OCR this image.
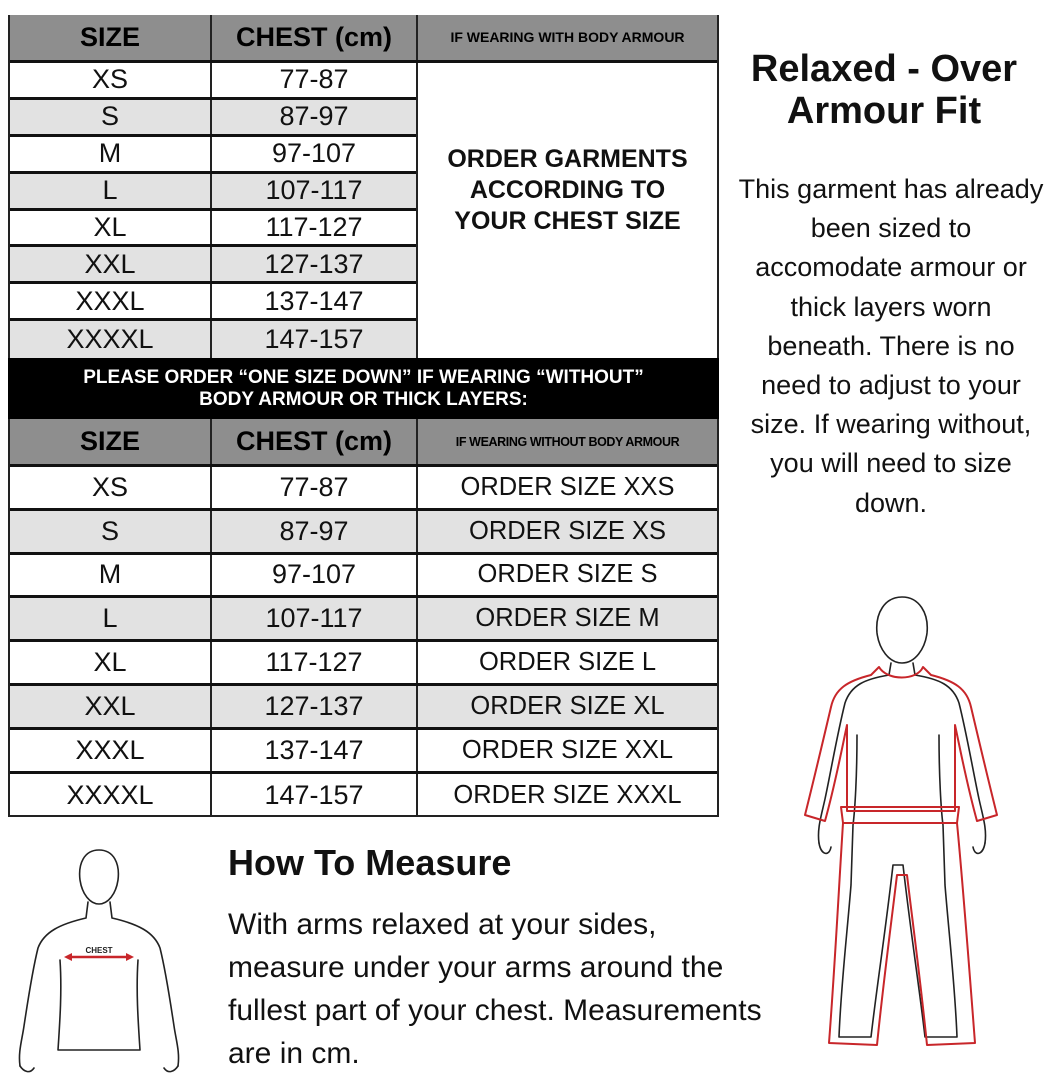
SIZE	CHEST (cm)	IF WEARING WITH BODY ARMOUR
XS	77-87
S	87-97
M	97-107
L	107-117
XL	117-127
XXL	127-137
XXXL	137-147
XXXXL	147-157
ORDER GARMENTS ACCORDING TO YOUR CHEST SIZE
PLEASE ORDER “ONE SIZE DOWN” IF WEARING “WITHOUT”
BODY ARMOUR OR THICK LAYERS:
SIZE	CHEST (cm)	IF WEARING WITHOUT BODY ARMOUR
XS	77-87	ORDER SIZE XXS
S	87-97	ORDER SIZE XS
M	97-107	ORDER SIZE S
L	107-117	ORDER SIZE M
XL	117-127	ORDER SIZE L
XXL	127-137	ORDER SIZE XL
XXXL	137-147	ORDER SIZE XXL
XXXXL	147-157	ORDER SIZE XXXL
Relaxed - Over Armour Fit
This garment has already been sized to accomodate armour or thick layers worn beneath. There is no need to adjust to your size. If wearing without, you will need to size down.
How To Measure
With arms relaxed at your sides, measure under your arms around the fullest part of your chest. Measurements are in cm.
CHEST
